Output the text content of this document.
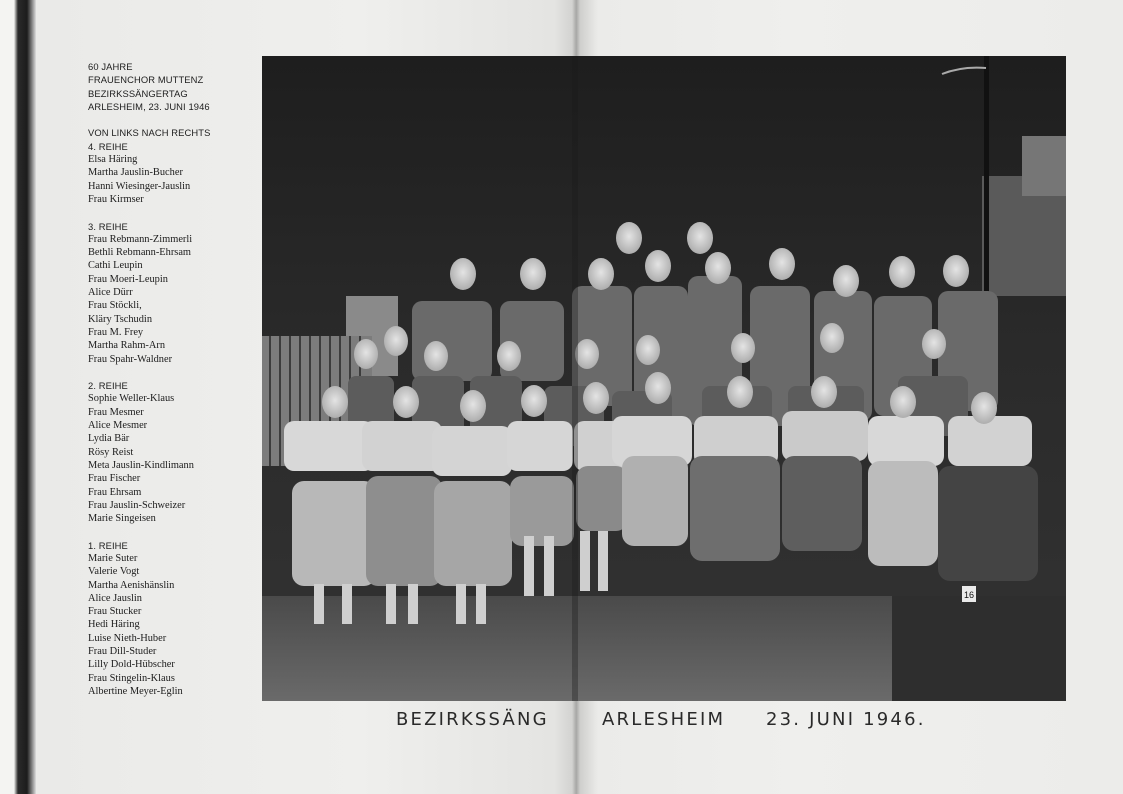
60 JAHRE
FRAUENCHOR MUTTENZ
BEZIRKSSÄNGERTAG
ARLESHEIM, 23. JUNI 1946
VON LINKS NACH RECHTS
4. REIHE
Elsa Häring
Martha Jauslin-Bucher
Hanni Wiesinger-Jauslin
Frau Kirmser
3. REIHE
Frau Rebmann-Zimmerli
Bethli Rebmann-Ehrsam
Cathi Leupin
Frau Moeri-Leupin
Alice Dürr
Frau Stöckli,
Kläry Tschudin
Frau M. Frey
Martha Rahm-Arn
Frau Spahr-Waldner
2. REIHE
Sophie Weller-Klaus
Frau Mesmer
Alice Mesmer
Lydia Bär
Rösy Reist
Meta Jauslin-Kindlimann
Frau Fischer
Frau Ehrsam
Frau Jauslin-Schweizer
Marie Singeisen
1. REIHE
Marie Suter
Valerie Vogt
Martha Aenishänslin
Alice Jauslin
Frau Stucker
Hedi Häring
Luise Nieth-Huber
Frau Dill-Studer
Lilly Dold-Hübscher
Frau Stingelin-Klaus
Albertine Meyer-Eglin
16
BEZIRKSSÄNG	ARLESHEIM 23. JUNI 1946.
